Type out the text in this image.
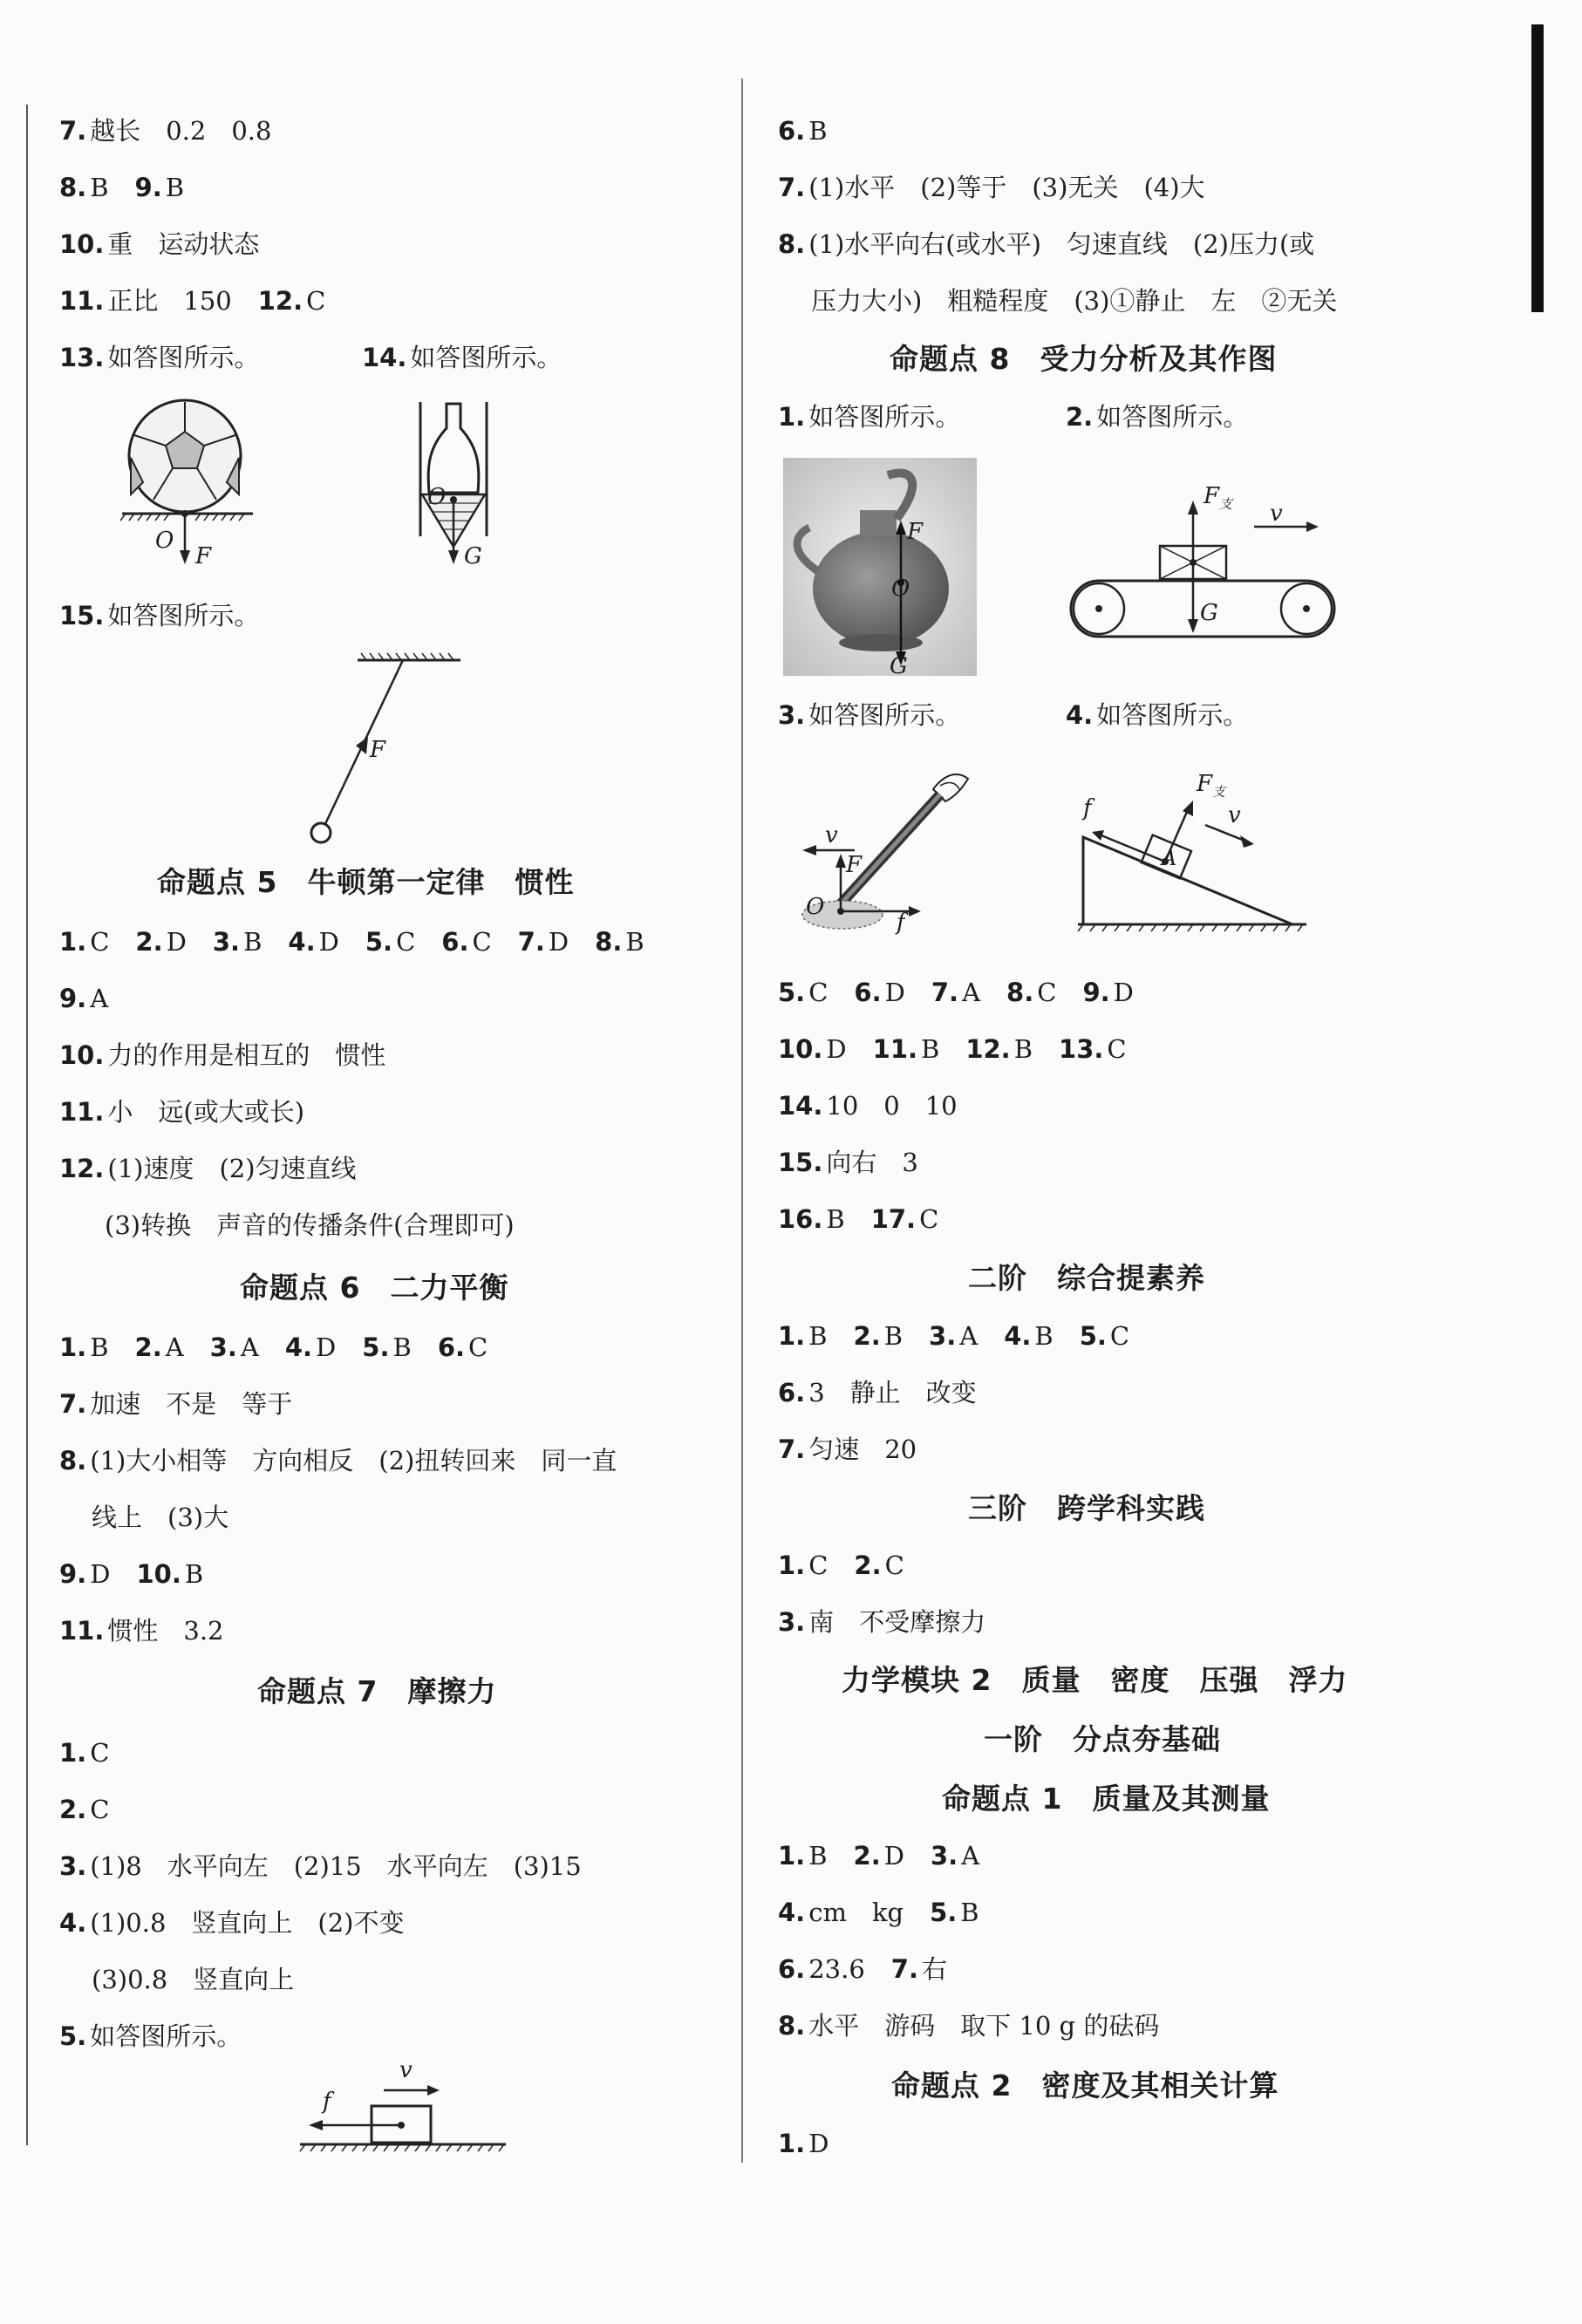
7. 越长　0.2　0.8
8. B 9. B
10. 重　运动状态
11. 正比　150 12. C
13. 如答图所示。	14. 如答图所示。
O
F
O
G
15. 如答图所示。
F
命题点 5　牛顿第一定律　惯性
1. C 2. D 3. B 4. D 5. C 6. C 7. D 8. B
9. A
10. 力的作用是相互的　惯性
11. 小　远(或大或长)
12. (1)速度　(2)匀速直线
(3)转换　声音的传播条件(合理即可)
命题点 6　二力平衡
1. B 2. A 3. A 4. D 5. B 6. C
7. 加速　不是　等于
8. (1)大小相等　方向相反　(2)扭转回来　同一直
线上　(3)大
9. D 10. B
11. 惯性　3.2
命题点 7　摩擦力
1. C
2. C
3. (1)8　水平向左　(2)15　水平向左　(3)15
4. (1)0.8　竖直向上　(2)不变
(3)0.8　竖直向上
5. 如答图所示。
v
f
6. B
7. (1)水平　(2)等于　(3)无关　(4)大
8. (1)水平向右(或水平)　匀速直线　(2)压力(或
压力大小)　粗糙程度　(3)①静止　左　②无关
命题点 8　受力分析及其作图
1. 如答图所示。	2. 如答图所示。
F
O
G
$F_支$ v
G
3. 如答图所示。	4. 如答图所示。
v
F
O
f
$F_支$
f	v
A
5. C 6. D 7. A 8. C 9. D
10. D 11. B 12. B 13. C
14. 10　0　10
15. 向右　3
16. B 17. C
二阶　综合提素养
1. B 2. B 3. A 4. B 5. C
6. 3　静止　改变
7. 匀速　20
三阶　跨学科实践
1. C 2. C
3. 南　不受摩擦力
力学模块 2　质量　密度　压强　浮力
一阶　分点夯基础
命题点 1　质量及其测量
1. B 2. D 3. A
4. cm　kg 5. B
6. 23.6 7. 右
8. 水平　游码　取下 10 g 的砝码
命题点 2　密度及其相关计算
1. D
